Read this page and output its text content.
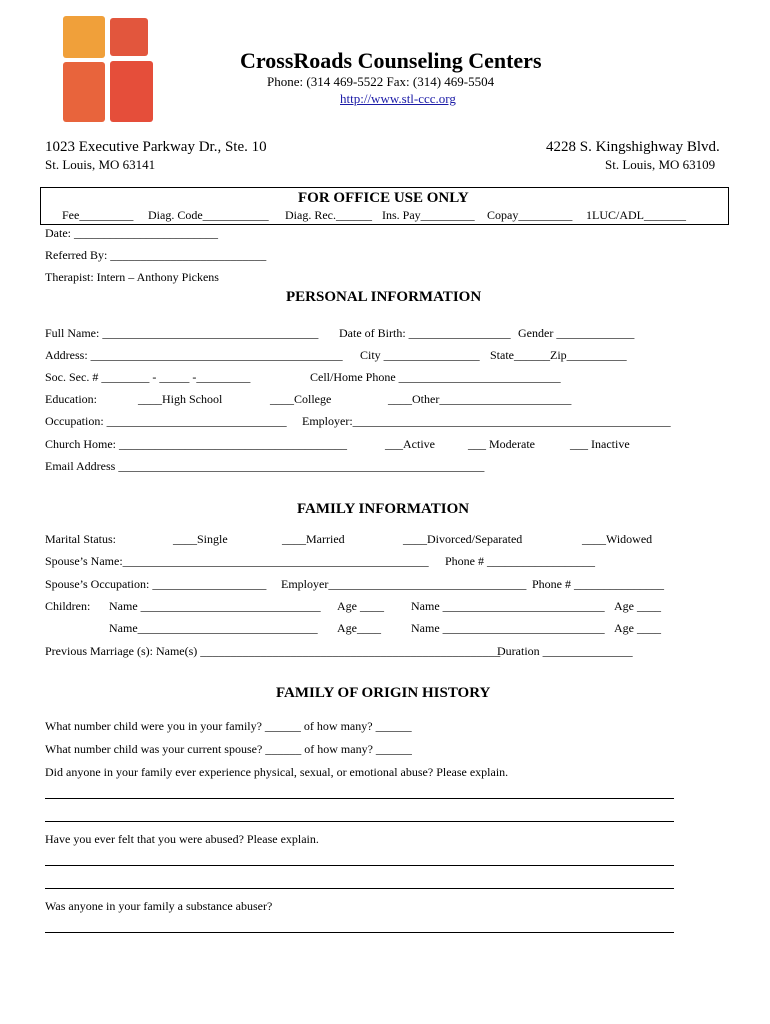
CrossRoads Counseling Centers
Phone: (314 469-5522 Fax: (314) 469-5504
http://www.stl-ccc.org
1023 Executive Parkway Dr., Ste. 10
St. Louis, MO 63141
4228 S. Kingshighway Blvd.
St. Louis, MO 63109
FOR OFFICE USE ONLY
Fee_________ Diag. Code___________ Diag. Rec.______ Ins. Pay_________ Copay_________ 1LUC/ADL_______
Date: ________________________
Referred By: __________________________
Therapist: Intern – Anthony Pickens
PERSONAL INFORMATION
Full Name: ____________________________________ Date of Birth: _________________ Gender _____________
Address: __________________________________________ City ________________ State______Zip__________
Soc. Sec. # ________ - _____ -_________	Cell/Home Phone ___________________________
Education:	____High School	____College	____Other______________________
Occupation: ______________________________ Employer:_____________________________________________________
Church Home: ______________________________________	___Active	___ Moderate	___ Inactive
Email Address _____________________________________________________________
FAMILY INFORMATION
Marital Status:	____Single	____Married	____Divorced/Separated	____Widowed
Spouse’s Name:___________________________________________________ Phone # __________________
Spouse’s Occupation: ___________________ Employer_________________________________ Phone # _______________
Children: Name ______________________________ Age ____ Name ___________________________ Age ____
Name______________________________ Age____	Name ___________________________ Age ____
Previous Marriage (s): Name(s) __________________________________________________
Duration _______________
FAMILY OF ORIGIN HISTORY
What number child were you in your family? ______ of how many? ______
What number child was your current spouse? ______ of how many? ______
Did anyone in your family ever experience physical, sexual, or emotional abuse? Please explain.
Have you ever felt that you were abused? Please explain.
Was anyone in your family a substance abuser?
